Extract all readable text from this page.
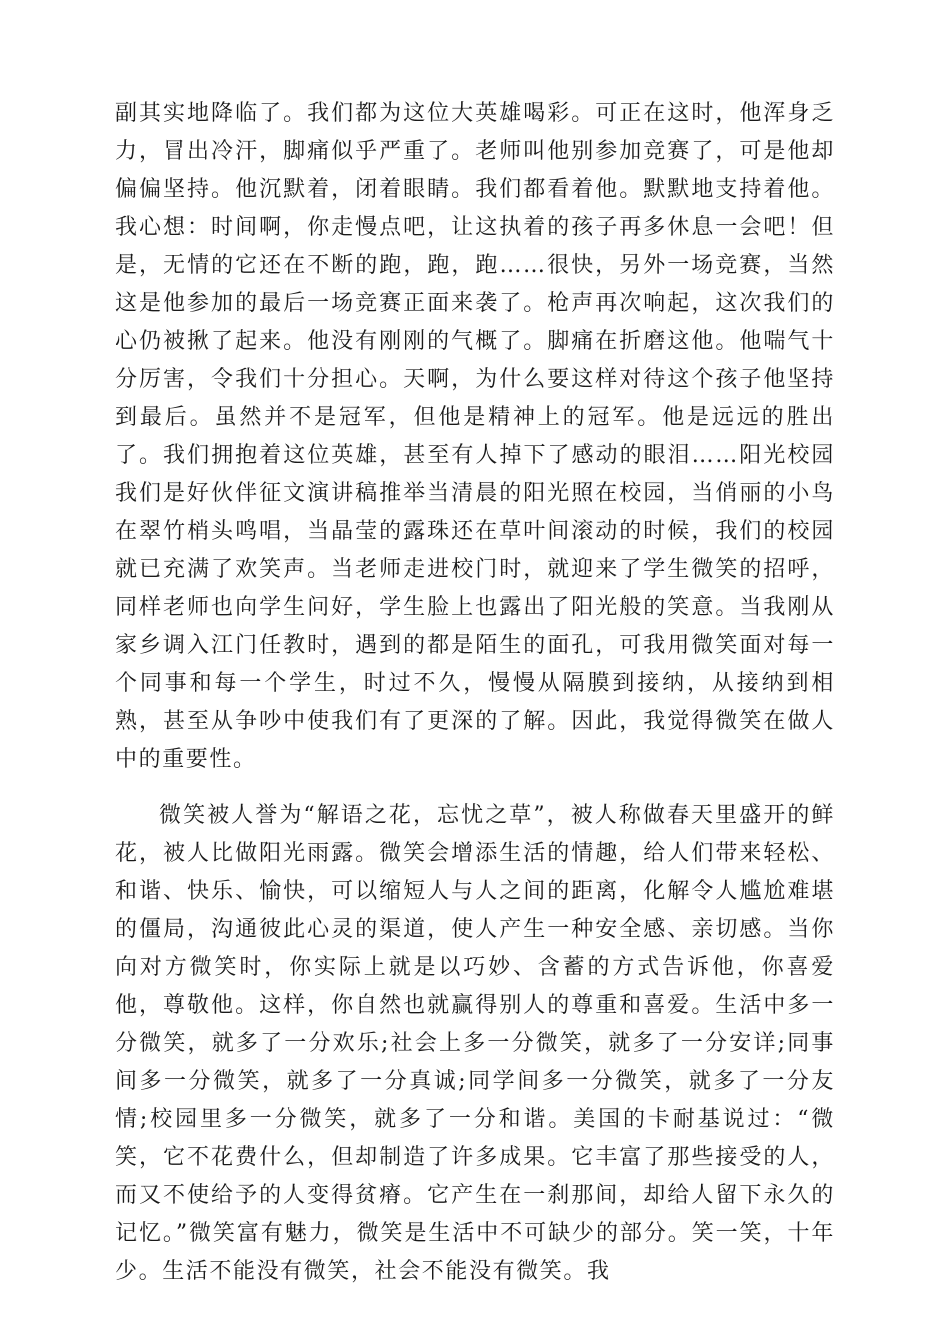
副其实地降临了。我们都为这位大英雄喝彩。可正在这时，他浑身乏力，冒出冷汗，脚痛似乎严重了。老师叫他别参加竞赛了，可是他却偏偏坚持。他沉默着，闭着眼睛。我们都看着他。默默地支持着他。我心想：时间啊，你走慢点吧，让这执着的孩子再多休息一会吧！但是，无情的它还在不断的跑，跑，跑……很快，另外一场竞赛，当然这是他参加的最后一场竞赛正面来袭了。枪声再次响起，这次我们的心仍被揪了起来。他没有刚刚的气概了。脚痛在折磨这他。他喘气十分厉害，令我们十分担心。天啊，为什么要这样对待这个孩子他坚持到最后。虽然并不是冠军，但他是精神上的冠军。他是远远的胜出了。我们拥抱着这位英雄，甚至有人掉下了感动的眼泪……阳光校园我们是好伙伴征文演讲稿推举当清晨的阳光照在校园，当俏丽的小鸟在翠竹梢头鸣唱，当晶莹的露珠还在草叶间滚动的时候，我们的校园就已充满了欢笑声。当老师走进校门时，就迎来了学生微笑的招呼，同样老师也向学生问好，学生脸上也露出了阳光般的笑意。当我刚从家乡调入江门任教时，遇到的都是陌生的面孔，可我用微笑面对每一个同事和每一个学生，时过不久，慢慢从隔膜到接纳，从接纳到相熟，甚至从争吵中使我们有了更深的了解。因此，我觉得微笑在做人中的重要性。

微笑被人誉为“解语之花，忘忧之草”，被人称做春天里盛开的鲜花，被人比做阳光雨露。微笑会增添生活的情趣，给人们带来轻松、和谐、快乐、愉快，可以缩短人与人之间的距离，化解令人尴尬难堪的僵局，沟通彼此心灵的渠道，使人产生一种安全感、亲切感。当你向对方微笑时，你实际上就是以巧妙、含蓄的方式告诉他，你喜爱他，尊敬他。这样，你自然也就赢得别人的尊重和喜爱。生活中多一分微笑，就多了一分欢乐;社会上多一分微笑，就多了一分安详;同事间多一分微笑，就多了一分真诚;同学间多一分微笑，就多了一分友情;校园里多一分微笑，就多了一分和谐。美国的卡耐基说过：“微笑，它不花费什么，但却制造了许多成果。它丰富了那些接受的人，而又不使给予的人变得贫瘠。它产生在一刹那间，却给人留下永久的记忆。”微笑富有魅力，微笑是生活中不可缺少的部分。笑一笑，十年少。生活不能没有微笑，社会不能没有微笑。我
